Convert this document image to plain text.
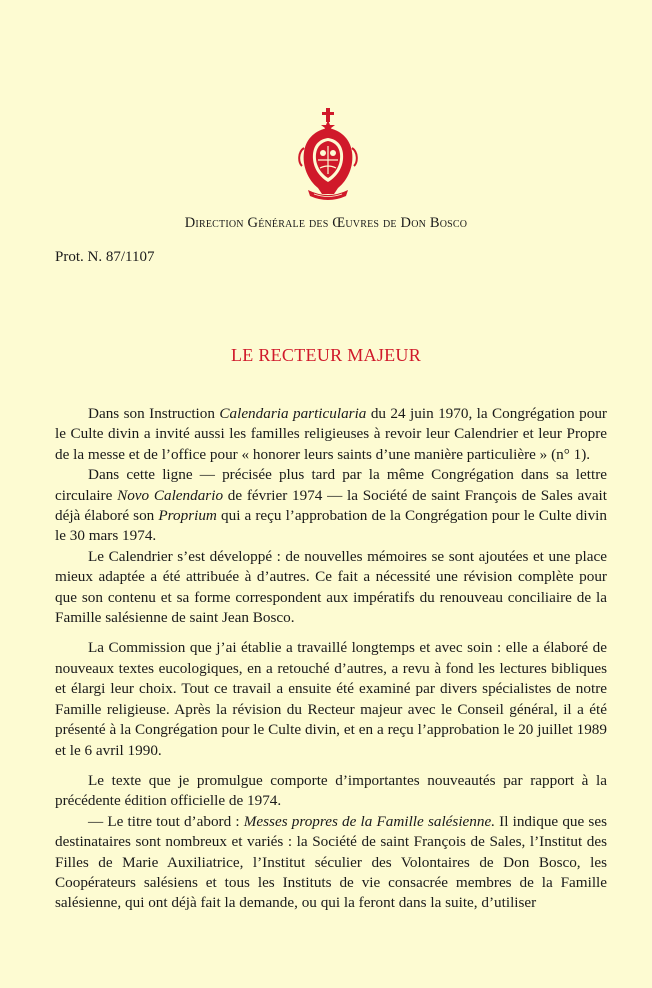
Direction Générale des Œuvres de Don Bosco
Prot. N. 87/1107
LE RECTEUR MAJEUR

Dans son Instruction Calendaria particularia du 24 juin 1970, la Congrégation pour le Culte divin a invité aussi les familles religieuses à revoir leur Calendrier et leur Propre de la messe et de l’office pour « honorer leurs saints d’une manière particulière » (n° 1).

Dans cette ligne — précisée plus tard par la même Congrégation dans sa lettre circulaire Novo Calendario de février 1974 — la Société de saint François de Sales avait déjà élaboré son Proprium qui a reçu l’approbation de la Congrégation pour le Culte divin le 30 mars 1974.

Le Calendrier s’est développé : de nouvelles mémoires se sont ajoutées et une place mieux adaptée a été attribuée à d’autres. Ce fait a nécessité une révision complète pour que son contenu et sa forme correspondent aux impératifs du renouveau conciliaire de la Famille salésienne de saint Jean Bosco.

La Commission que j’ai établie a travaillé longtemps et avec soin : elle a élaboré de nouveaux textes eucologiques, en a retouché d’autres, a revu à fond les lectures bibliques et élargi leur choix. Tout ce travail a ensuite été examiné par divers spécialistes de notre Famille religieuse. Après la révision du Recteur majeur avec le Conseil général, il a été présenté à la Congrégation pour le Culte divin, et en a reçu l’approbation le 20 juillet 1989 et le 6 avril 1990.

Le texte que je promulgue comporte d’importantes nouveautés par rapport à la précédente édition officielle de 1974.

— Le titre tout d’abord : Messes propres de la Famille salésienne. Il indique que ses destinataires sont nombreux et variés : la Société de saint François de Sales, l’Institut des Filles de Marie Auxiliatrice, l’Institut séculier des Volontaires de Don Bosco, les Coopérateurs salésiens et tous les Instituts de vie consacrée membres de la Famille salésienne, qui ont déjà fait la demande, ou qui la feront dans la suite, d’utiliser
